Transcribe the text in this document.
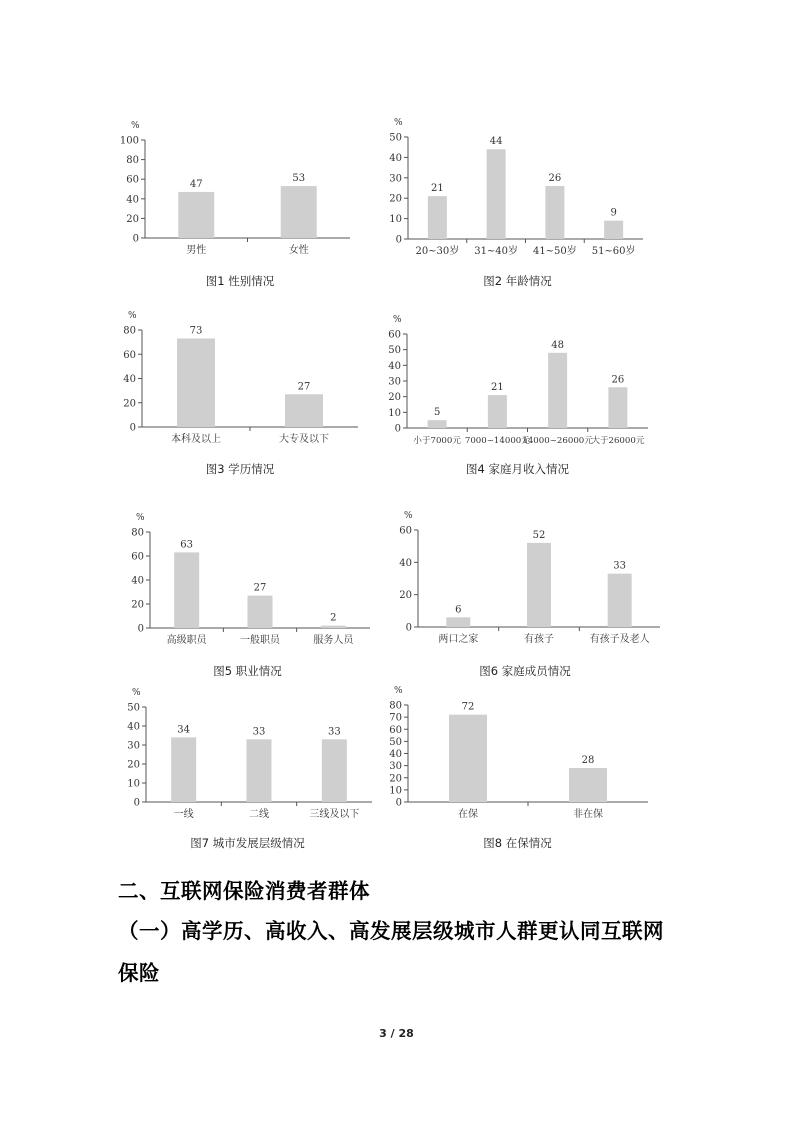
%
0
20
40
60
80
100
47
男性
53
女性
图1 性别情况
%
0
10
20
30
40
50
21
20~30岁
44
31~40岁
26
41~50岁
9
51~60岁
图2 年龄情况
%
0
20
40
60
80	73
本科及以上
27
大专及以下
图3 学历情况
%
0
10
20
30
40
50
60
5
小于7000元
21
7000~14000元
48
14000~26000元
26
大于26000元
图4 家庭月收入情况
%
0
20
40
60
80
63
高级职员
27
一般职员
2
服务人员
图5 职业情况
%
0
20
40
60
6
两口之家
52
有孩子
33
有孩子及老人
图6 家庭成员情况
%
0
10
20
30
40
50
34
一线
33
二线
33
三线及以下
图7 城市发展层级情况
%
0
10
20
30
40
50
60
70
80	72
在保
28
非在保
图8 在保情况
二、互联网保险消费者群体
（一）高学历、高收入、高发展层级城市人群更认同互联网
保险
3 / 28
